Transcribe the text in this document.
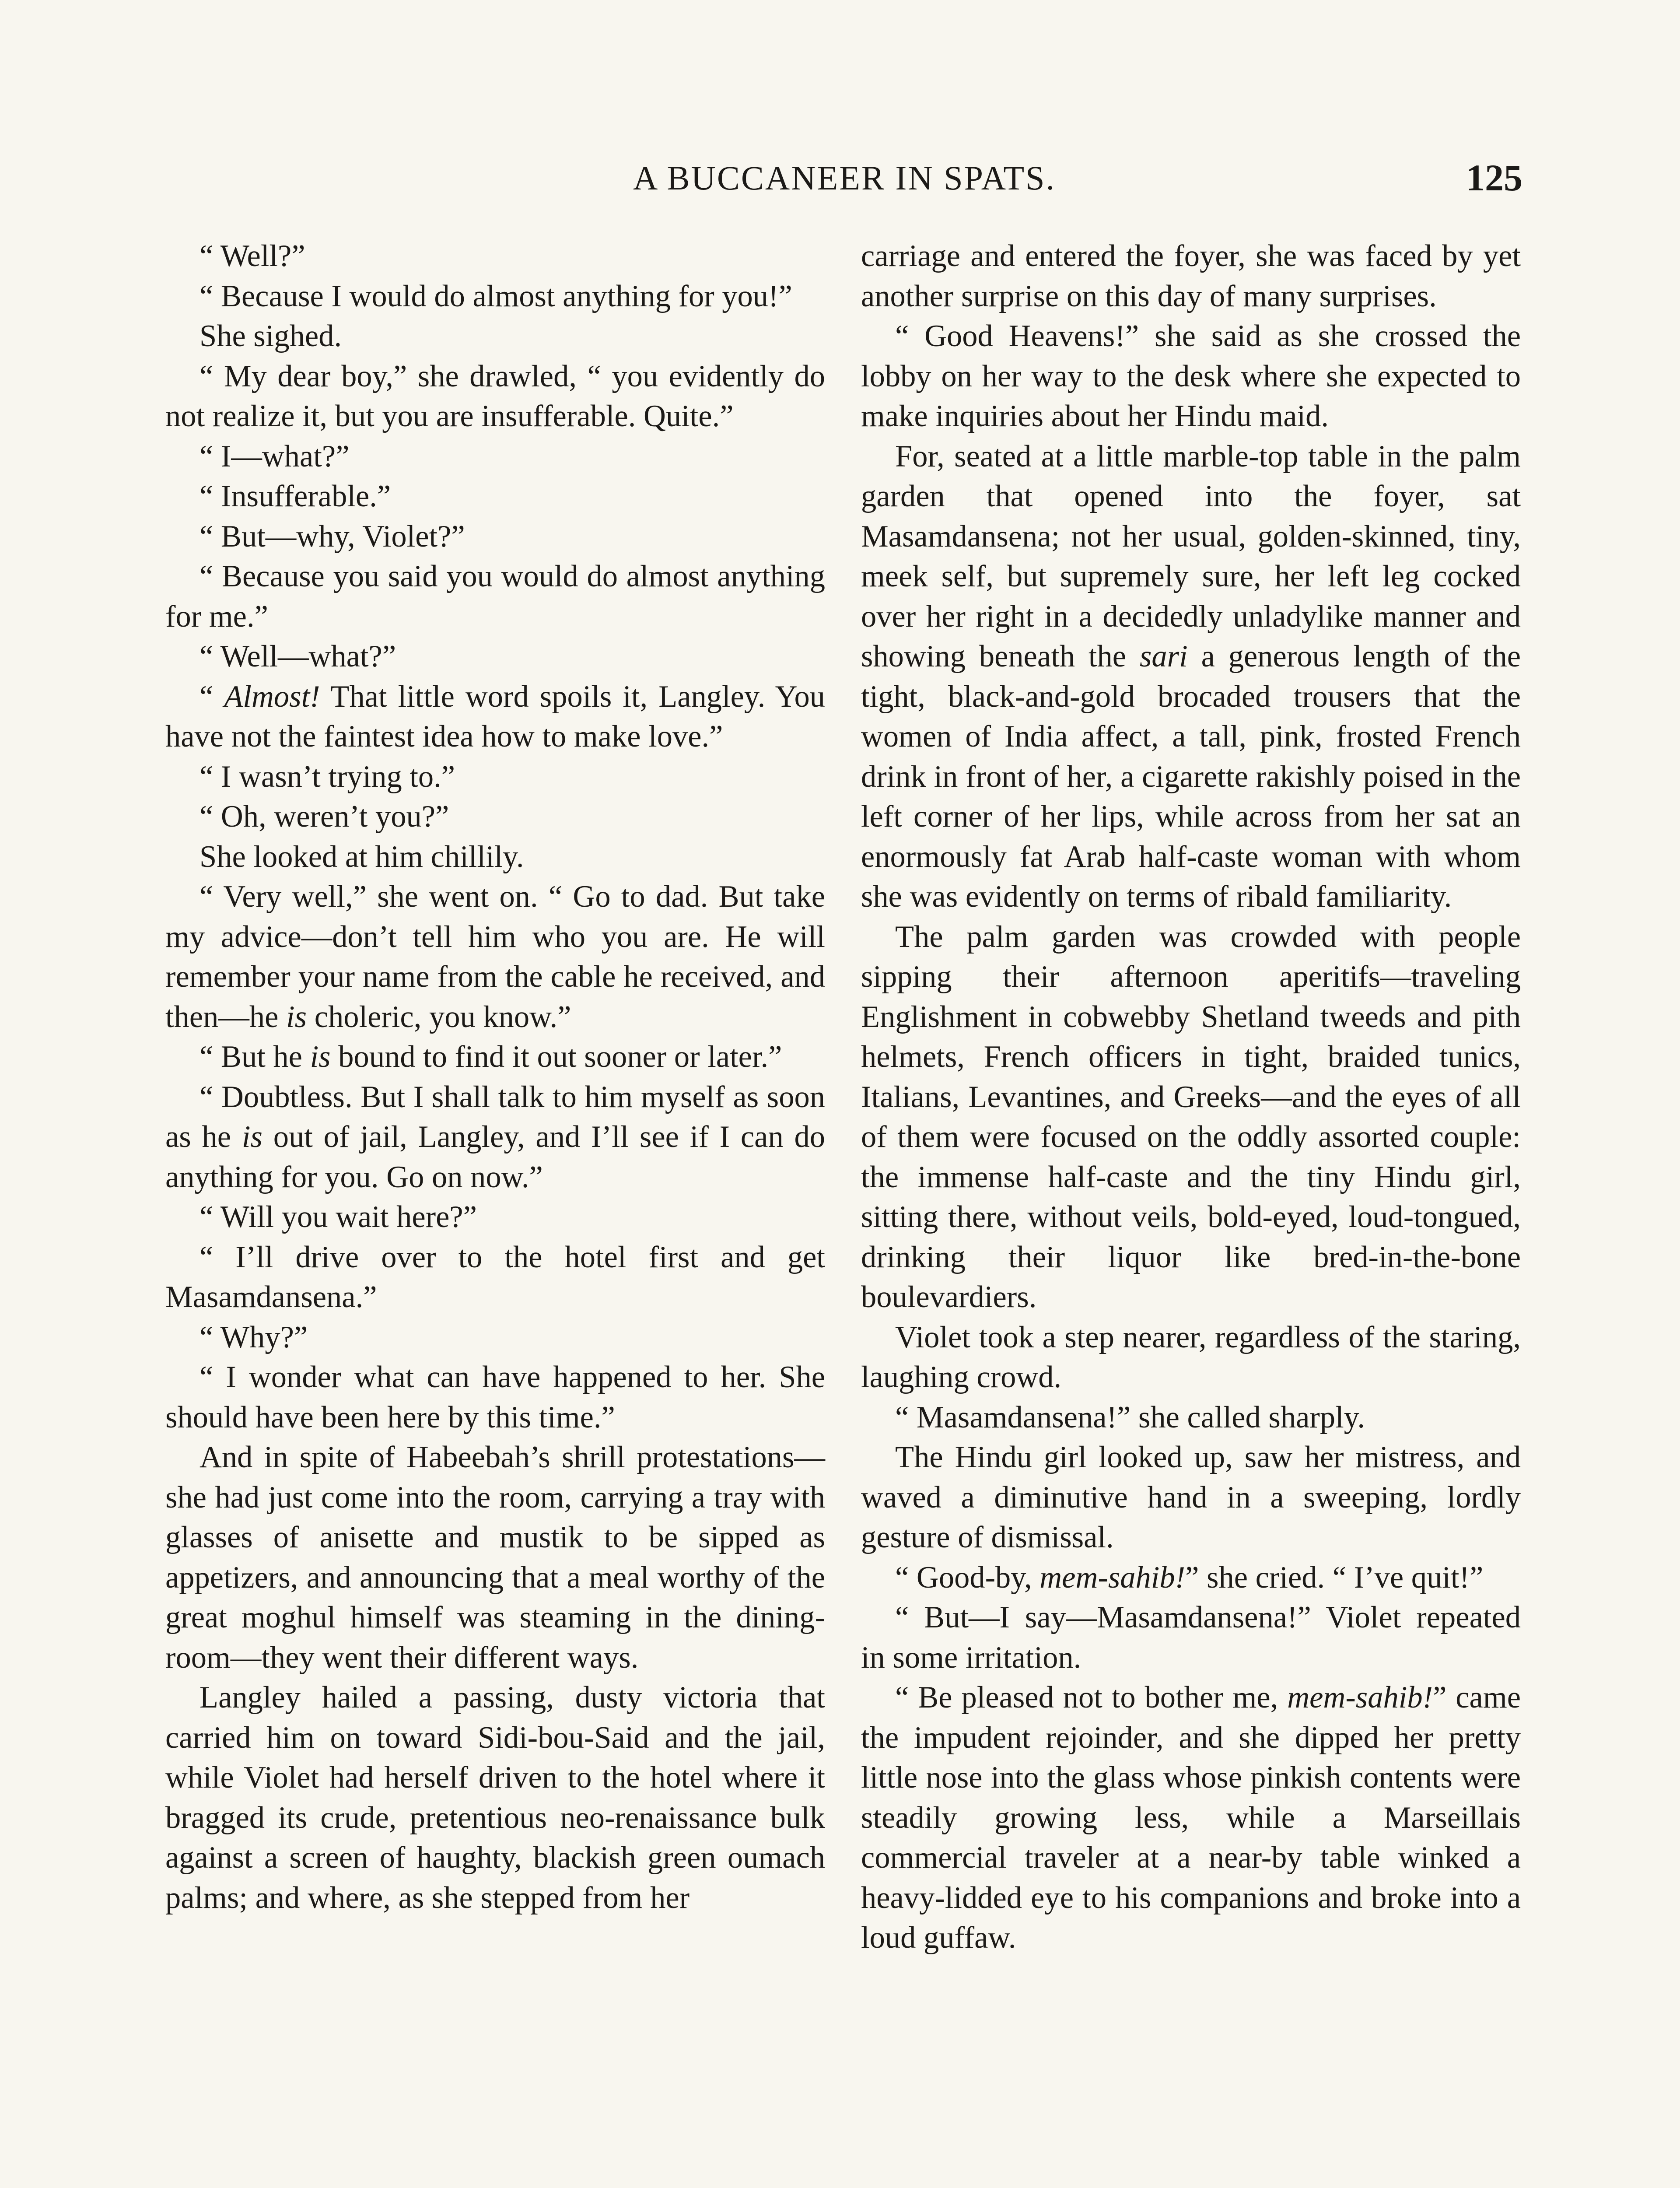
A BUCCANEER IN SPATS.	125

“ Well?”

“ Because I would do almost anything for you!”

She sighed.

“ My dear boy,” she drawled, “ you evidently do not realize it, but you are insufferable. Quite.”

“ I—what?”

“ Insufferable.”

“ But—why, Violet?”

“ Because you said you would do almost anything for me.”

“ Well—what?”

“ Almost! That little word spoils it, Langley. You have not the faintest idea how to make love.”

“ I wasn’t trying to.”

“ Oh, weren’t you?”

She looked at him chillily.

“ Very well,” she went on. “ Go to dad. But take my advice—don’t tell him who you are. He will remember your name from the cable he received, and then—he is choleric, you know.”

“ But he is bound to find it out sooner or later.”

“ Doubtless. But I shall talk to him myself as soon as he is out of jail, Langley, and I’ll see if I can do anything for you. Go on now.”

“ Will you wait here?”

“ I’ll drive over to the hotel first and get Masamdansena.”

“ Why?”

“ I wonder what can have happened to her. She should have been here by this time.”

And in spite of Habeebah’s shrill protestations—she had just come into the room, carrying a tray with glasses of anisette and mustik to be sipped as appetizers, and announcing that a meal worthy of the great moghul himself was steaming in the dining-room—they went their different ways.

Langley hailed a passing, dusty victoria that carried him on toward Sidi-bou-Said and the jail, while Violet had herself driven to the hotel where it bragged its crude, pretentious neo-renaissance bulk against a screen of haughty, blackish green oumach palms; and where, as she stepped from her

carriage and entered the foyer, she was faced by yet another surprise on this day of many surprises.

“ Good Heavens!” she said as she crossed the lobby on her way to the desk where she expected to make inquiries about her Hindu maid.

For, seated at a little marble-top table in the palm garden that opened into the foyer, sat Masamdansena; not her usual, golden-skinned, tiny, meek self, but supremely sure, her left leg cocked over her right in a decidedly unladylike manner and showing beneath the sari a generous length of the tight, black-and-gold brocaded trousers that the women of India affect, a tall, pink, frosted French drink in front of her, a cigarette rakishly poised in the left corner of her lips, while across from her sat an enormously fat Arab half-caste woman with whom she was evidently on terms of ribald familiarity.

The palm garden was crowded with people sipping their afternoon aperitifs—traveling Englishment in cobwebby Shetland tweeds and pith helmets, French officers in tight, braided tunics, Italians, Levantines, and Greeks—and the eyes of all of them were focused on the oddly assorted couple: the immense half-caste and the tiny Hindu girl, sitting there, without veils, bold-eyed, loud-tongued, drinking their liquor like bred-in-the-bone boulevardiers.

Violet took a step nearer, regardless of the staring, laughing crowd.

“ Masamdansena!” she called sharply.

The Hindu girl looked up, saw her mistress, and waved a diminutive hand in a sweeping, lordly gesture of dismissal.

“ Good-by, mem-sahib!” she cried. “ I’ve quit!”

“ But—I say—Masamdansena!” Violet repeated in some irritation.

“ Be pleased not to bother me, mem-sahib!” came the impudent rejoinder, and she dipped her pretty little nose into the glass whose pinkish contents were steadily growing less, while a Marseillais commercial traveler at a near-by table winked a heavy-lidded eye to his companions and broke into a loud guffaw.
